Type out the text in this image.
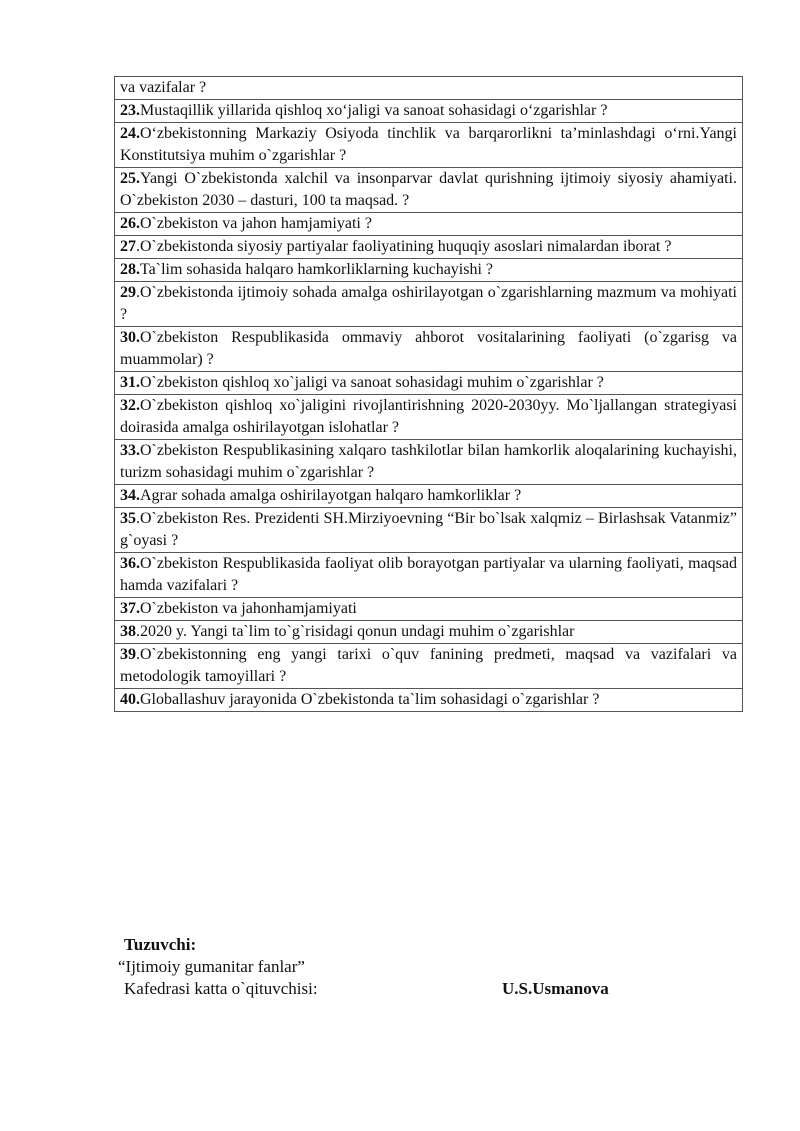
va vazifalar ?
23.Mustaqillik yillarida qishloq xo‘jaligi va sanoat sohasidagi o‘zgarishlar ?
24.O‘zbekistonning Markaziy Osiyoda tinchlik va barqarorlikni ta’minlashdagi o‘rni.Yangi Konstitutsiya muhim o`zgarishlar ?
25.Yangi O`zbekistonda xalchil va insonparvar davlat qurishning ijtimoiy siyosiy ahamiyati. O`zbekiston 2030 – dasturi, 100 ta maqsad. ?
26.O`zbekiston va jahon hamjamiyati ?
27.O`zbekistonda siyosiy partiyalar faoliyatining huquqiy asoslari nimalardan iborat ?
28.Ta`lim sohasida halqaro hamkorliklarning kuchayishi ?
29.O`zbekistonda ijtimoiy sohada amalga oshirilayotgan o`zgarishlarning mazmum va mohiyati ?
30.O`zbekiston Respublikasida ommaviy ahborot vositalarining faoliyati (o`zgarisg va muammolar) ?
31.O`zbekiston qishloq xo`jaligi va sanoat sohasidagi muhim o`zgarishlar ?
32.O`zbekiston qishloq xo`jaligini rivojlantirishning 2020-2030yy. Mo`ljallangan strategiyasi doirasida amalga oshirilayotgan islohatlar ?
33.O`zbekiston Respublikasining xalqaro tashkilotlar bilan hamkorlik aloqalarining kuchayishi, turizm sohasidagi muhim o`zgarishlar ?
34.Agrar sohada amalga oshirilayotgan halqaro hamkorliklar ?
35.O`zbekiston Res. Prezidenti SH.Mirziyoevning “Bir bo`lsak xalqmiz – Birlashsak Vatanmiz” g`oyasi ?
36.O`zbekiston Respublikasida faoliyat olib borayotgan partiyalar va ularning faoliyati, maqsad hamda vazifalari ?
37.O`zbekiston va jahonhamjamiyati
38.2020 y. Yangi ta`lim to`g`risidagi qonun undagi muhim o`zgarishlar
39.O`zbekistonning eng yangi tarixi o`quv fanining predmeti, maqsad va vazifalari va metodologik tamoyillari ?
40.Globallashuv jarayonida O`zbekistonda ta`lim sohasidagi o`zgarishlar ?
Tuzuvchi:
“Ijtimoiy gumanitar fanlar”
Kafedrasi katta o`qituvchisi:	U.S.Usmanova
